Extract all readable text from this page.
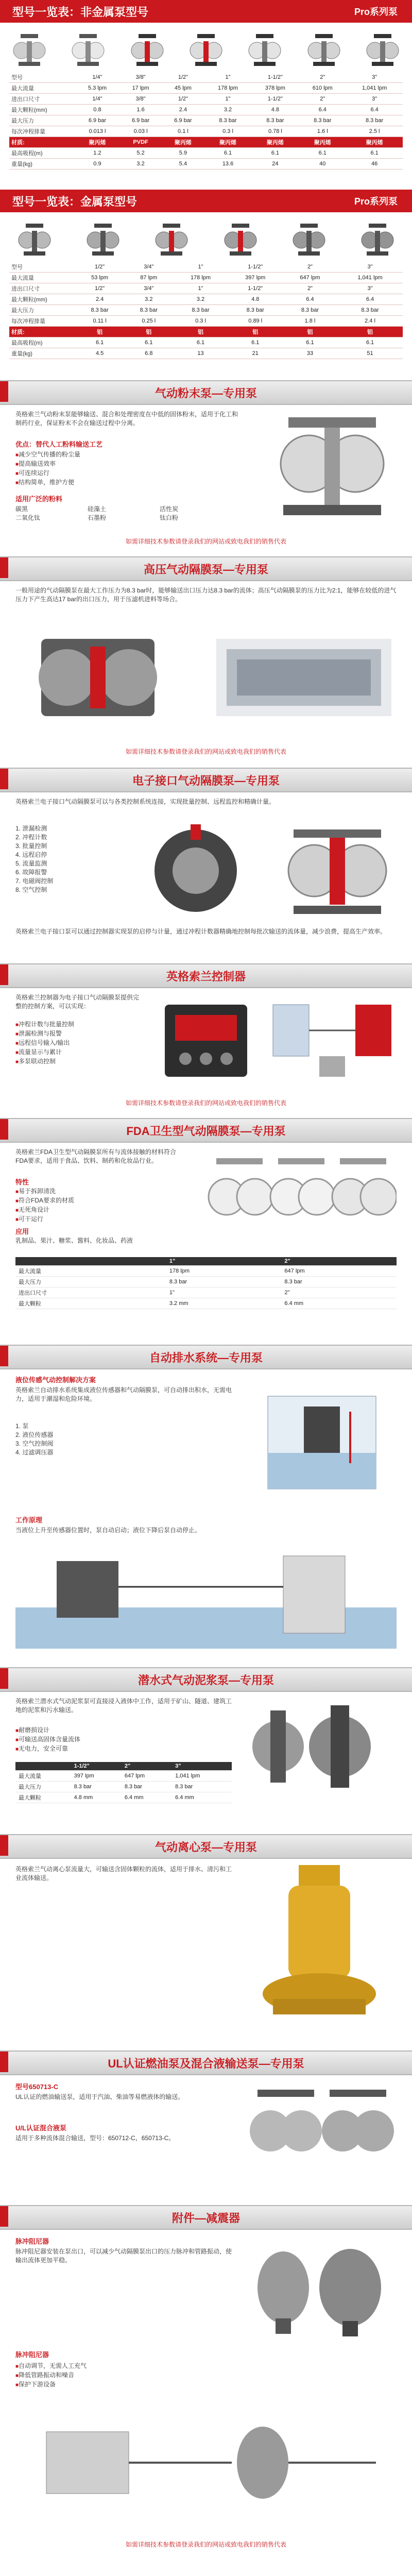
型号一览表：非金属泵型号	Pro系列泵
型号	1/4"	3/8"	1/2"	1"	1-1/2"	2"	3"
最大流量	5.3 lpm	17 lpm	45 lpm	178 lpm	378 lpm	610 lpm	1,041 lpm
进出口尺寸	1/4"	3/8"	1/2"	1"	1-1/2"	2"	3"
最大颗粒(mm)	0.8	1.6	2.4	3.2	4.8	6.4	6.4
最大压力	6.9 bar	6.9 bar	6.9 bar	8.3 bar	8.3 bar	8.3 bar	8.3 bar
每次冲程排量	0.013 l	0.03 l	0.1 l	0.3 l	0.78 l	1.6 l	2.5 l
材质:	聚丙烯	PVDF	聚丙烯	聚丙烯	聚丙烯	聚丙烯	聚丙烯
最高吸程(m)	1.2	5.2	5.9	6.1	6.1	6.1	6.1
重量(kg)	0.9	3.2	5.4	13.6	24	40	46
型号一览表：金属泵型号	Pro系列泵
型号	1/2"	3/4"	1"	1-1/2"	2"	3"
最大流量	53 lpm	87 lpm	178 lpm	397 lpm	647 lpm	1,041 lpm
进出口尺寸	1/2"	3/4"	1"	1-1/2"	2"	3"
最大颗粒(mm)	2.4	3.2	3.2	4.8	6.4	6.4
最大压力	8.3 bar	8.3 bar	8.3 bar	8.3 bar	8.3 bar	8.3 bar
每次冲程排量	0.11 l	0.25 l	0.3 l	0.89 l	1.8 l	2.4 l
材质:	铝	铝	铝	铝	铝	铝
最高吸程(m)	6.1	6.1	6.1	6.1	6.1	6.1
重量(kg)	4.5	6.8	13	21	33	51
气动粉末泵—专用泵
英格索兰气动粉末泵能够输送、混合和处理密度在中低的固体粉末，适用于化工和制药行业，保证粉末不会在输送过程中分离。
优点：替代人工粉料输送工艺
■ 减少空气传播的粉尘量
■ 提高输送效率
■ 可连续运行
■ 结构简单，维护方便
适用广泛的粉料
碳黑	硅藻土	活性炭
二氧化钛	石墨粉	钛白粉
如需详细技术参数请登录我们的网站或致电我们的销售代表
高压气动隔膜泵—专用泵
一般用途的气动隔膜泵在最大工作压力为8.3 bar时，能够输送出口压力达8.3 bar的流体；高压气动隔膜泵的压力比为2:1，能够在较低的进气压力下产生高达17 bar的出口压力，用于压滤机进料等场合。
如需详细技术参数请登录我们的网站或致电我们的销售代表
电子接口气动隔膜泵—专用泵
英格索兰电子接口气动隔膜泵可以与各类控制系统连接，实现批量控制、远程监控和精确计量。
1. 泄漏检测
2. 冲程计数
3. 批量控制
4. 远程启停
5. 流量监测
6. 故障报警
7. 电磁阀控制
8. 空气控制
英格索兰电子接口泵可以通过控制器实现泵的启停与计量，通过冲程计数器精确地控制每批次输送的流体量，减少浪费，提高生产效率。
英格索兰控制器
英格索兰控制器为电子接口气动隔膜泵提供完整的控制方案，可以实现：
■ 冲程计数与批量控制
■ 泄漏检测与报警
■ 远程信号输入/输出
■ 流量显示与累计
■ 多泵联动控制
如需详细技术参数请登录我们的网站或致电我们的销售代表
FDA卫生型气动隔膜泵—专用泵
英格索兰FDA卫生型气动隔膜泵所有与流体接触的材料符合FDA要求，适用于食品、饮料、制药和化妆品行业。
特性
■ 易于拆卸清洗
■ 符合FDA要求的材质
■ 无死角设计
■ 可干运行
应用
乳制品、果汁、糖浆、酱料、化妆品、药液
	1"	2"
最大流量	178 lpm	647 lpm
最大压力	8.3 bar	8.3 bar
进出口尺寸	1"	2"
最大颗粒	3.2 mm	6.4 mm
自动排水系统—专用泵
液位传感气动控制解决方案
英格索兰自动排水系统集成液位传感器和气动隔膜泵，可自动排出积水，无需电力，适用于潮湿和危险环境。
1. 泵
2. 液位传感器
3. 空气控制阀
4. 过滤调压器
工作原理
当液位上升至传感器位置时，泵自动启动；液位下降后泵自动停止。
潜水式气动泥浆泵—专用泵
英格索兰潜水式气动泥浆泵可直接浸入液体中工作，适用于矿山、隧道、建筑工地的泥浆和污水输送。
■ 耐磨损设计
■ 可输送高固体含量流体
■ 无电力，安全可靠
	1-1/2"	2"	3"
最大流量	397 lpm	647 lpm	1,041 lpm
最大压力	8.3 bar	8.3 bar	8.3 bar
最大颗粒	4.8 mm	6.4 mm	6.4 mm
气动离心泵—专用泵
英格索兰气动离心泵流量大，可输送含固体颗粒的流体，适用于排水、清污和工业流体输送。
UL认证燃油泵及混合液输送泵—专用泵
型号650713-C
UL认证的燃油输送泵，适用于汽油、柴油等易燃液体的输送。
U/L认证混合液泵
适用于多种流体混合输送，型号：650712-C，650713-C。
附件—减震器
脉冲阻尼器
脉冲阻尼器安装在泵出口，可以减少气动隔膜泵出口的压力脉冲和管路振动，使输出流体更加平稳。
脉冲阻尼器
■ 自动调节，无需人工充气
■ 降低管路振动和噪音
■ 保护下游设备
如需详细技术参数请登录我们的网站或致电我们的销售代表
